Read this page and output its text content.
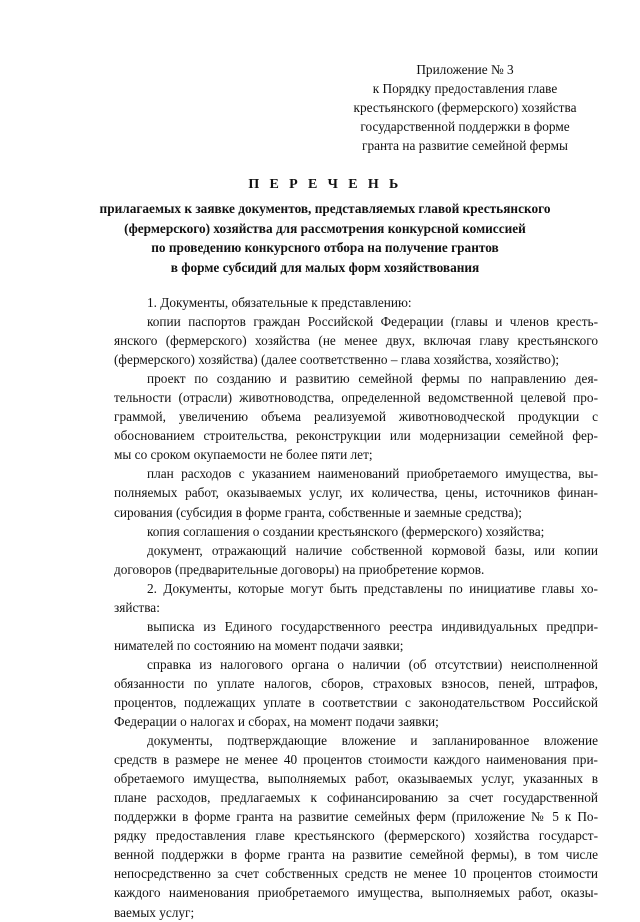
Приложение № 3
к Порядку предоставления главе
крестьянского (фермерского) хозяйства
государственной поддержки в форме
гранта на развитие семейной фермы
П Е Р Е Ч Е Н Ь
прилагаемых к заявке документов, представляемых главой крестьянского
(фермерского) хозяйства для рассмотрения конкурсной комиссией
по проведению конкурсного отбора на получение грантов
в форме субсидий для малых форм хозяйствования
1. Документы, обязательные к представлению:
копии паспортов граждан Российской Федерации (главы и членов кресть-
янского (фермерского) хозяйства (не менее двух, включая главу крестьянского
(фермерского) хозяйства) (далее соответственно – глава хозяйства, хозяйство);
проект по созданию и развитию семейной фермы по направлению дея-
тельности (отрасли) животноводства, определенной ведомственной целевой про-
граммой, увеличению объема реализуемой животноводческой продукции с
обоснованием строительства, реконструкции или модернизации семейной фер-
мы со сроком окупаемости не более пяти лет;
план расходов с указанием наименований приобретаемого имущества, вы-
полняемых работ, оказываемых услуг, их количества, цены, источников финан-
сирования (субсидия в форме гранта, собственные и заемные средства);
копия соглашения о создании крестьянского (фермерского) хозяйства;
документ, отражающий наличие собственной кормовой базы, или копии
договоров (предварительные договоры) на приобретение кормов.
2. Документы, которые могут быть представлены по инициативе главы хо-
зяйства:
выписка из Единого государственного реестра индивидуальных предпри-
нимателей по состоянию на момент подачи заявки;
справка из налогового органа о наличии (об отсутствии) неисполненной
обязанности по уплате налогов, сборов, страховых взносов, пеней, штрафов,
процентов, подлежащих уплате в соответствии с законодательством Российской
Федерации о налогах и сборах, на момент подачи заявки;
документы, подтверждающие вложение и запланированное вложение
средств в размере не менее 40 процентов стоимости каждого наименования при-
обретаемого имущества, выполняемых работ, оказываемых услуг, указанных в
плане расходов, предлагаемых к софинансированию за счет государственной
поддержки в форме гранта на развитие семейных ферм (приложение № 5 к По-
рядку предоставления главе крестьянского (фермерского) хозяйства государст-
венной поддержки в форме гранта на развитие семейной фермы), в том числе
непосредственно за счет собственных средств не менее 10 процентов стоимости
каждого наименования приобретаемого имущества, выполняемых работ, оказы-
ваемых услуг;
